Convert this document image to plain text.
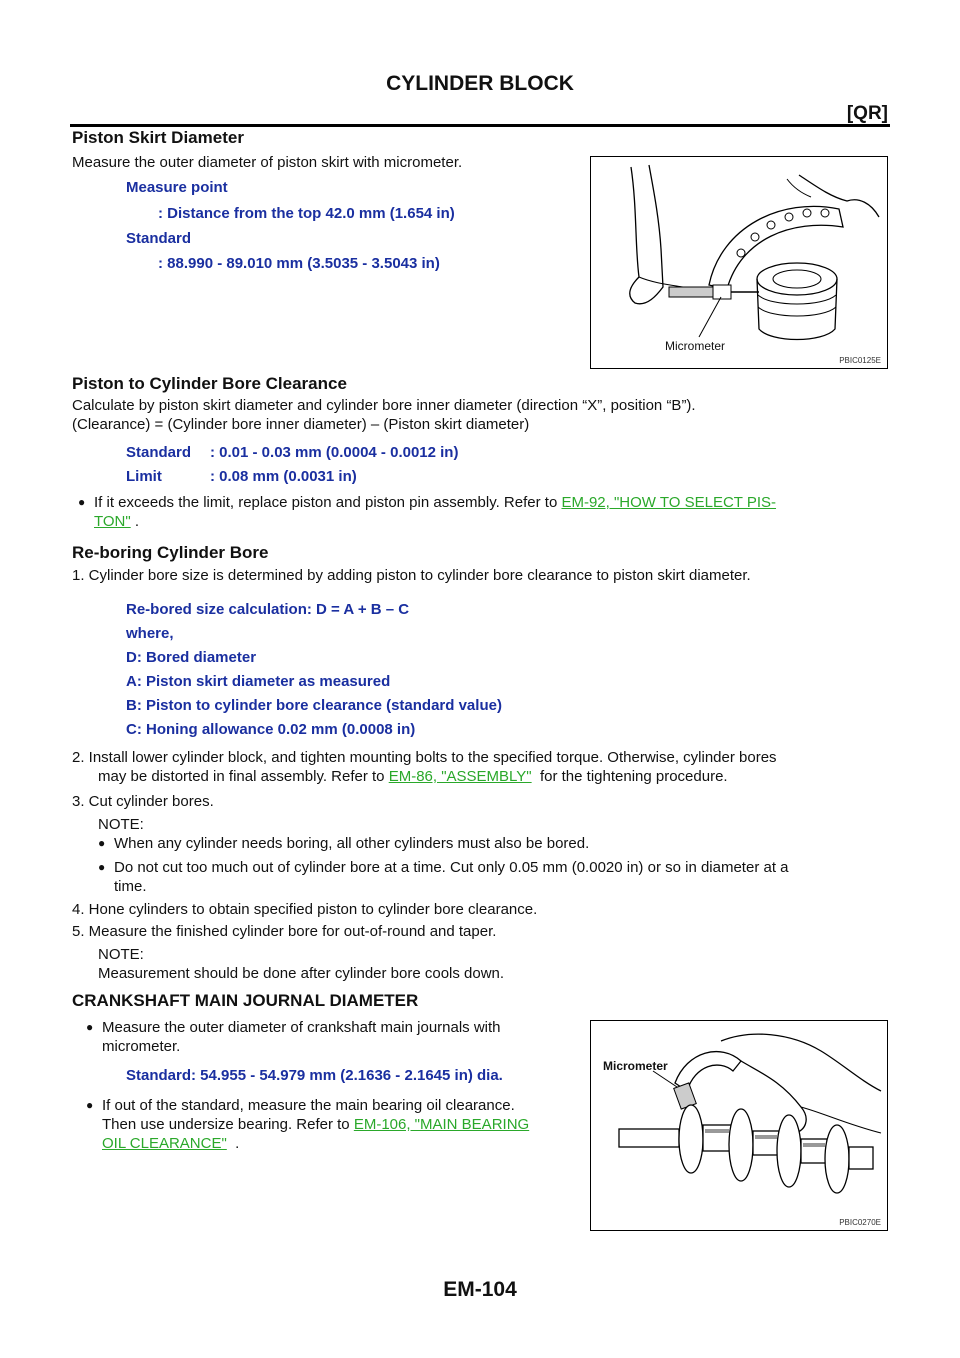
CYLINDER BLOCK
[QR]
Piston Skirt Diameter
Measure the outer diameter of piston skirt with micrometer.
Measure point
: Distance from the top 42.0 mm (1.654 in)
Standard
: 88.990 - 89.010 mm (3.5035 - 3.5043 in)
Micrometer
PBIC0125E
Piston to Cylinder Bore Clearance
Calculate by piston skirt diameter and cylinder bore inner diameter (direction “X”, position “B”).
(Clearance) = (Cylinder bore inner diameter) – (Piston skirt diameter)
Standard : 0.01 - 0.03 mm (0.0004 - 0.0012 in)
Limit	: 0.08 mm (0.0031 in)
● If it exceeds the limit, replace piston and piston pin assembly. Refer to EM-92, "HOW TO SELECT PIS-
TON" .
Re-boring Cylinder Bore
1. Cylinder bore size is determined by adding piston to cylinder bore clearance to piston skirt diameter.
Re-bored size calculation: D = A + B – C
where,
D: Bored diameter
A: Piston skirt diameter as measured
B: Piston to cylinder bore clearance (standard value)
C: Honing allowance 0.02 mm (0.0008 in)
2. Install lower cylinder block, and tighten mounting bolts to the specified torque. Otherwise, cylinder bores
may be distorted in final assembly. Refer to EM-86, "ASSEMBLY" for the tightening procedure.
3. Cut cylinder bores.
NOTE:
● When any cylinder needs boring, all other cylinders must also be bored.
● Do not cut too much out of cylinder bore at a time. Cut only 0.05 mm (0.0020 in) or so in diameter at a
time.
4. Hone cylinders to obtain specified piston to cylinder bore clearance.
5. Measure the finished cylinder bore for out-of-round and taper.
NOTE:
Measurement should be done after cylinder bore cools down.
CRANKSHAFT MAIN JOURNAL DIAMETER
● Measure the outer diameter of crankshaft main journals with
micrometer.
Standard: 54.955 - 54.979 mm (2.1636 - 2.1645 in) dia.
● If out of the standard, measure the main bearing oil clearance.
Then use undersize bearing. Refer to EM-106, "MAIN BEARING
OIL CLEARANCE" .
Micrometer
PBIC0270E
EM-104
